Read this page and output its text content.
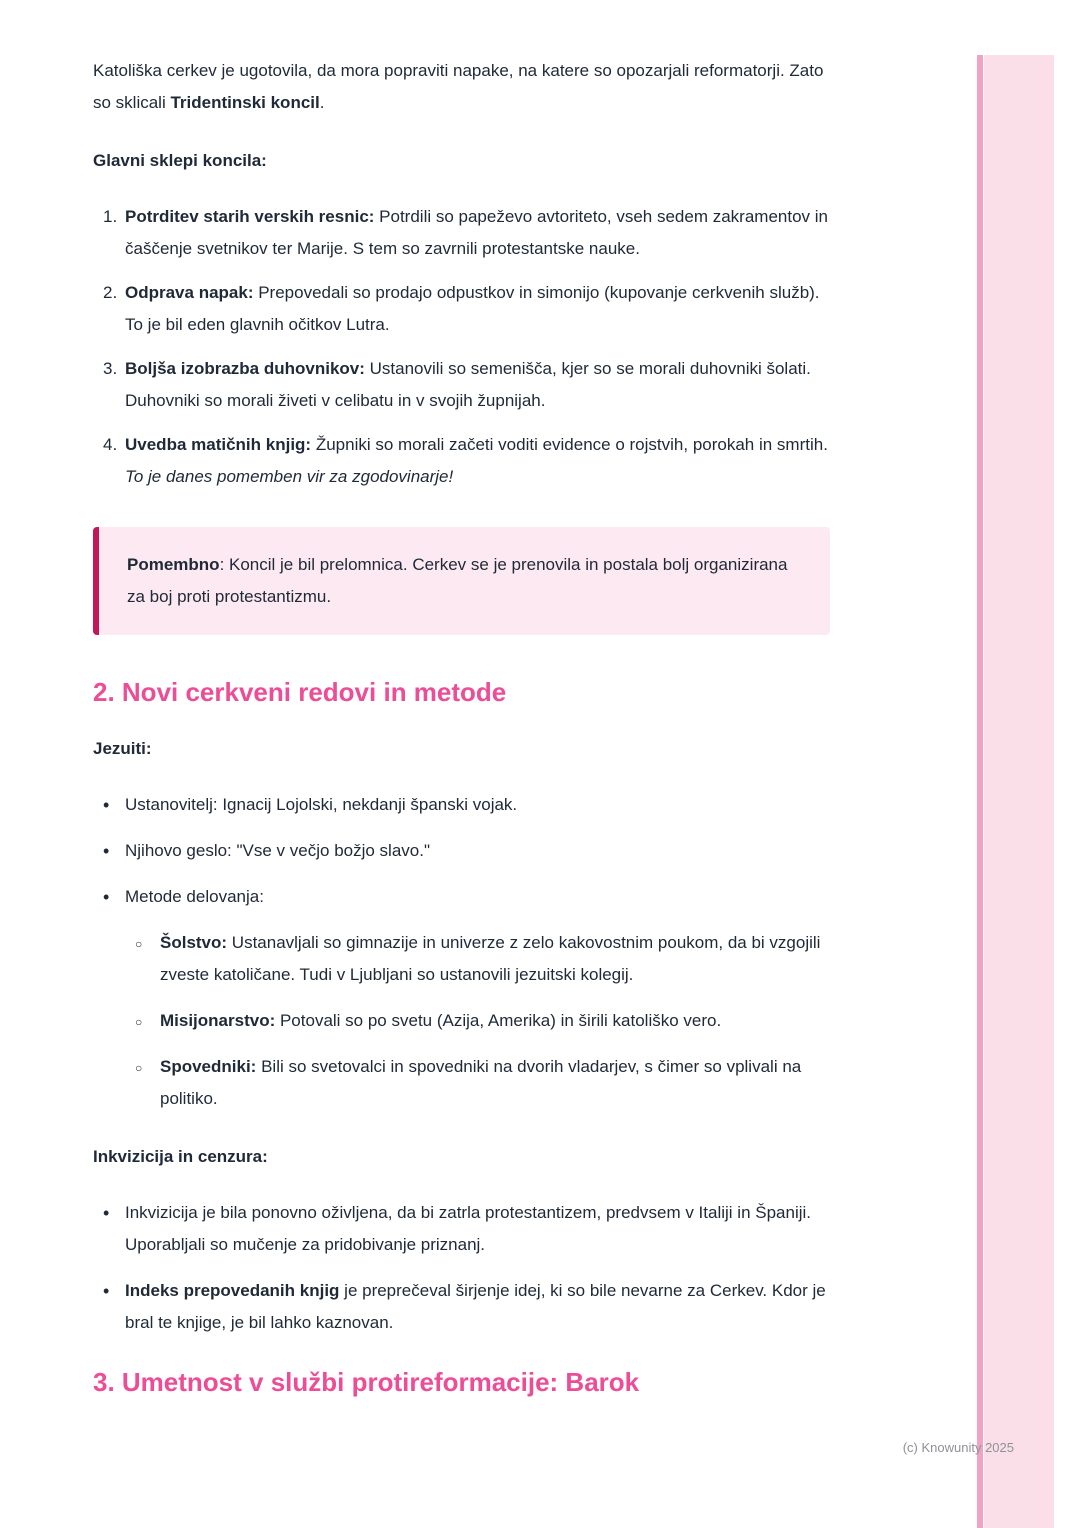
(c) Knowunity 2025

Katoliška cerkev je ugotovila, da mora popraviti napake, na katere so opozarjali reformatorji. Zato so sklicali Tridentinski koncil.

Glavni sklepi koncila:

1. Potrditev starih verskih resnic: Potrdili so papeževo avtoriteto, vseh sedem zakramentov in čaščenje svetnikov ter Marije. S tem so zavrnili protestantske nauke.
2. Odprava napak: Prepovedali so prodajo odpustkov in simonijo (kupovanje cerkvenih služb). To je bil eden glavnih očitkov Lutra.
3. Boljša izobrazba duhovnikov: Ustanovili so semenišča, kjer so se morali duhovniki šolati. Duhovniki so morali živeti v celibatu in v svojih župnijah.
4. Uvedba matičnih knjig: Župniki so morali začeti voditi evidence o rojstvih, porokah in smrtih. To je danes pomemben vir za zgodovinarje!

Pomembno: Koncil je bil prelomnica. Cerkev se je prenovila in postala bolj organizirana za boj proti protestantizmu.

2. Novi cerkveni redovi in metode

Jezuiti:

• Ustanovitelj: Ignacij Lojolski, nekdanji španski vojak.
• Njihovo geslo: "Vse v večjo božjo slavo."
• Metode delovanja:
○	Šolstvo: Ustanavljali so gimnazije in univerze z zelo kakovostnim poukom, da bi vzgojili zveste katoličane. Tudi v Ljubljani so ustanovili jezuitski kolegij.
○	Misijonarstvo: Potovali so po svetu (Azija, Amerika) in širili katoliško vero.
○	Spovedniki: Bili so svetovalci in spovedniki na dvorih vladarjev, s čimer so vplivali na politiko.

Inkvizicija in cenzura:

• Inkvizicija je bila ponovno oživljena, da bi zatrla protestantizem, predvsem v Italiji in Španiji. Uporabljali so mučenje za pridobivanje priznanj.
• Indeks prepovedanih knjig je preprečeval širjenje idej, ki so bile nevarne za Cerkev. Kdor je bral te knjige, je bil lahko kaznovan.
3. Umetnost v službi protireformacije: Barok
